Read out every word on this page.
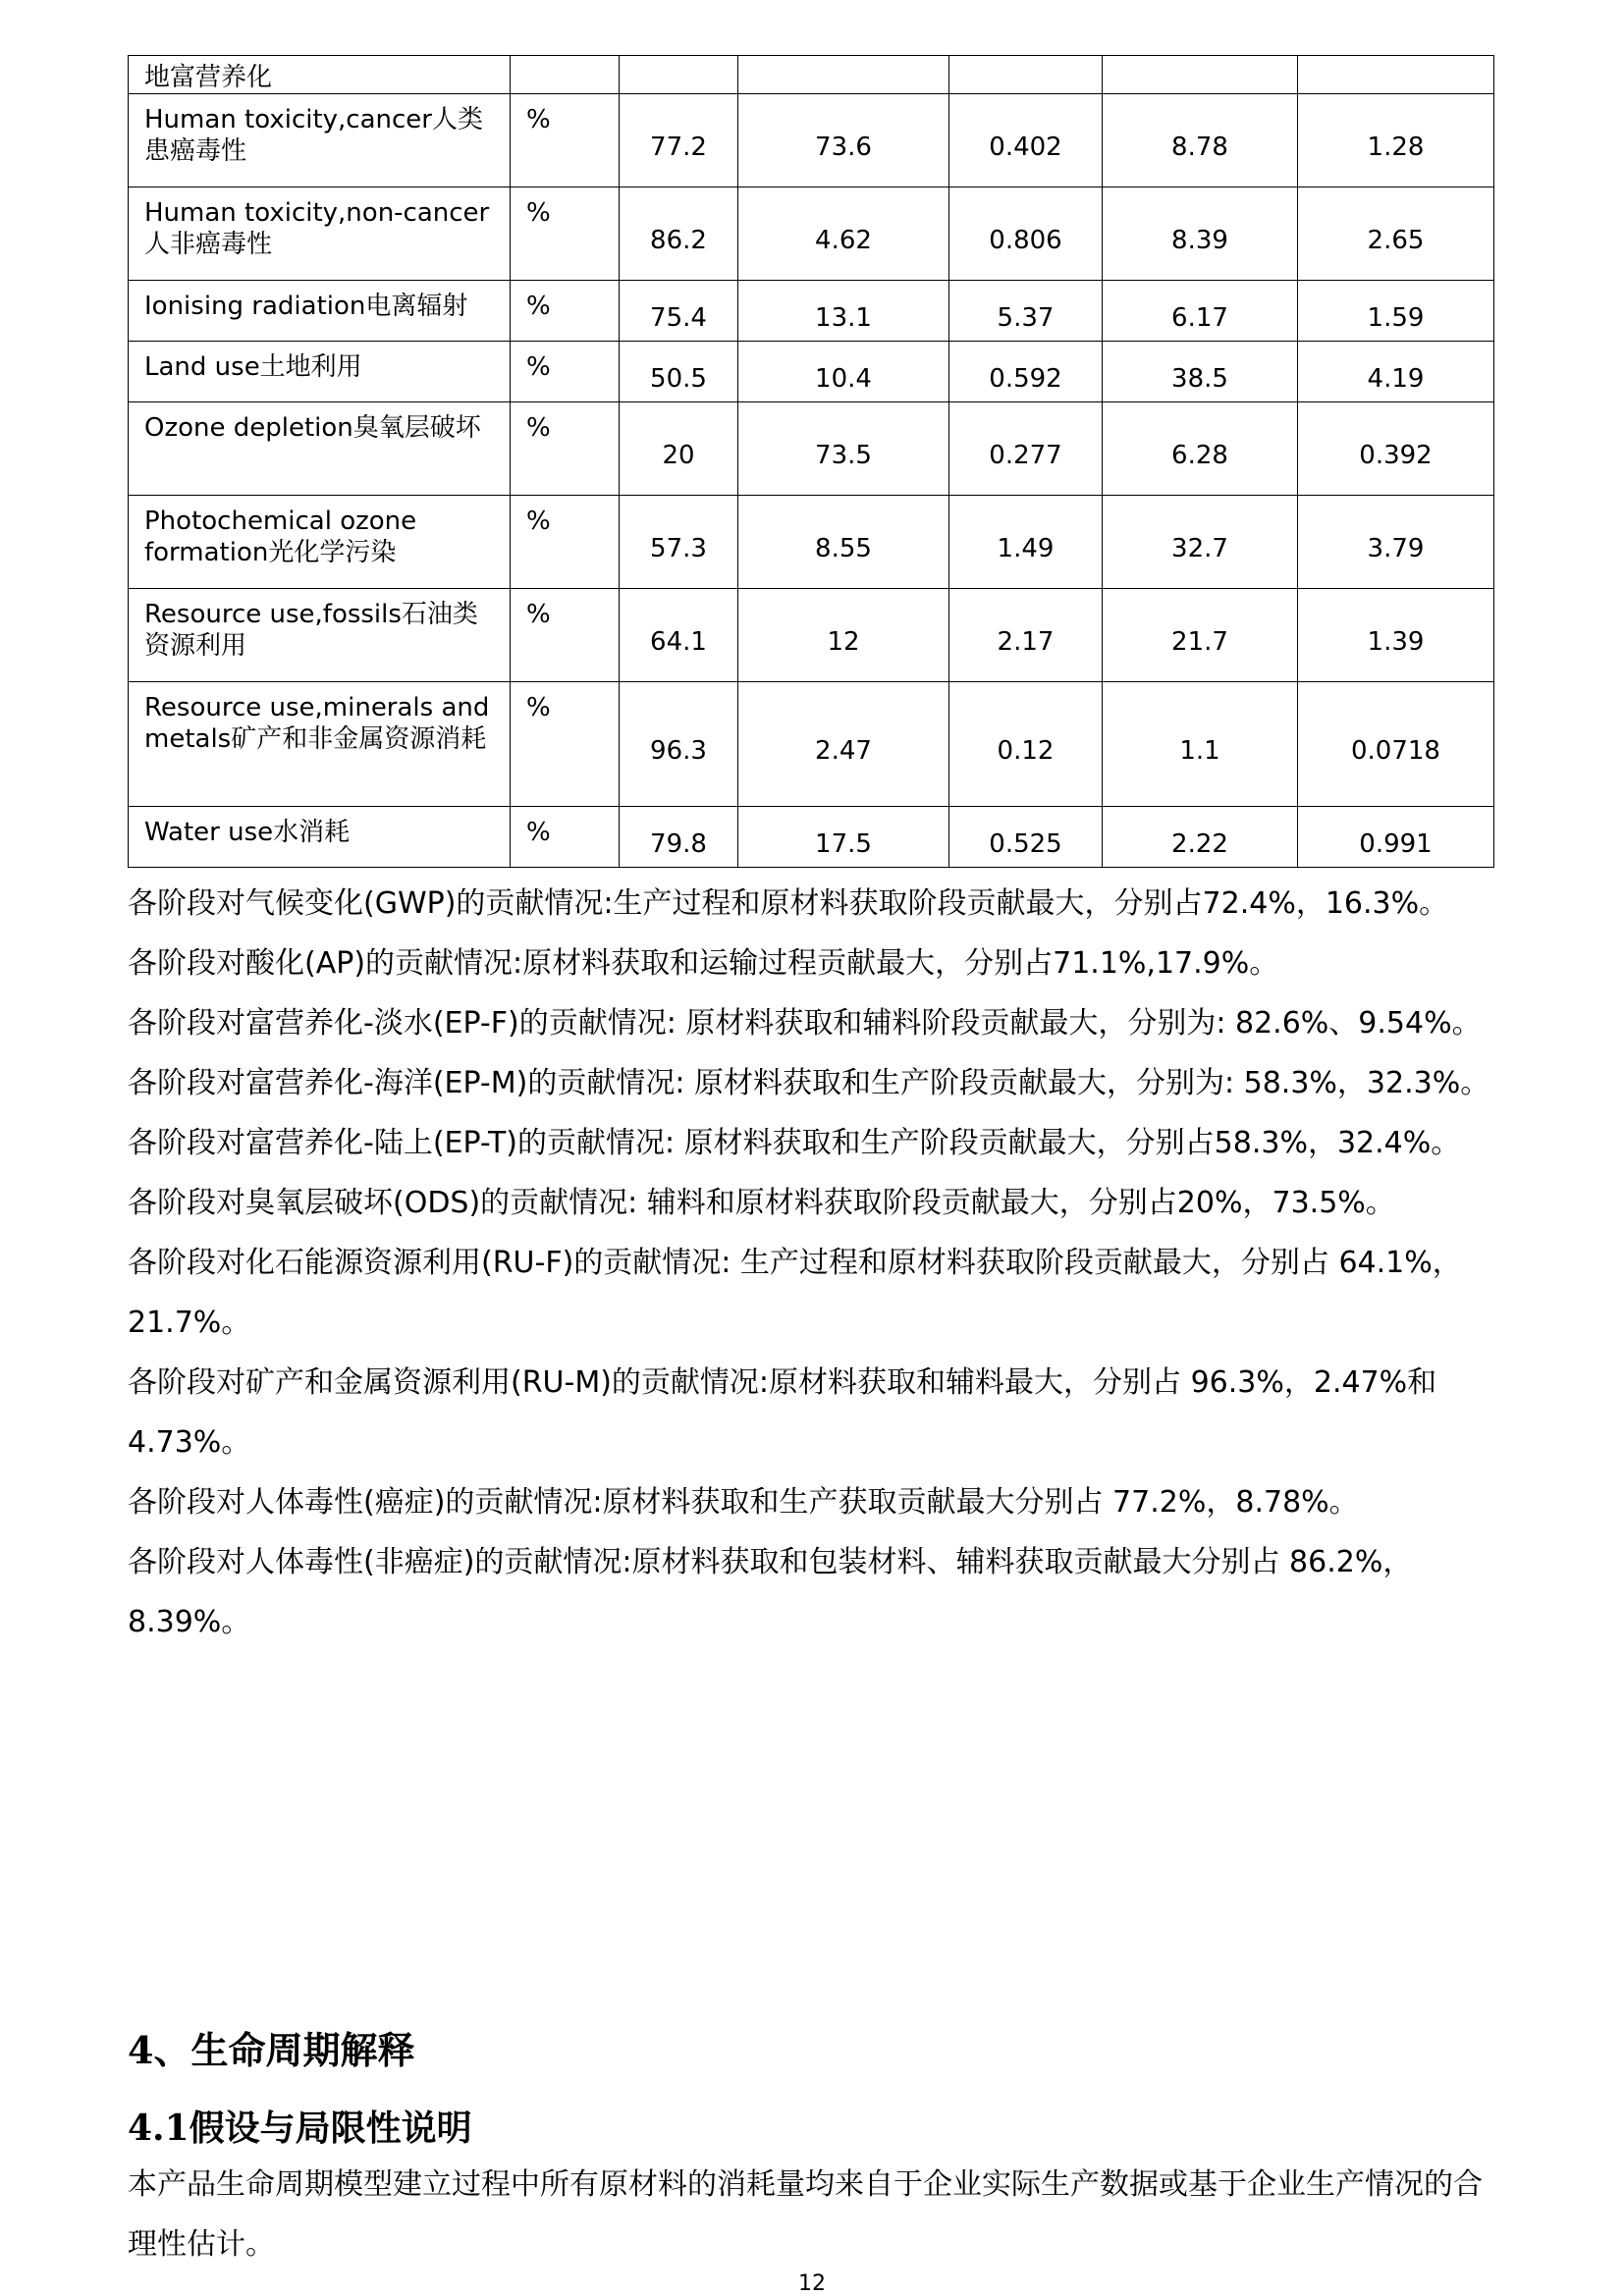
地富营养化						
Human toxicity,cancer人类患癌毒性	%	77.2	73.6	0.402	8.78	1.28
Human toxicity,non-cancer人非癌毒性	%	86.2	4.62	0.806	8.39	2.65
Ionising radiation电离辐射	%	75.4	13.1	5.37	6.17	1.59
Land use土地利用	%	50.5	10.4	0.592	38.5	4.19
Ozone depletion臭氧层破坏	%	20	73.5	0.277	6.28	0.392
Photochemical ozone formation光化学污染	%	57.3	8.55	1.49	32.7	3.79
Resource use,fossils石油类资源利用	%	64.1	12	2.17	21.7	1.39
Resource use,minerals and metals矿产和非金属资源消耗	%	96.3	2.47	0.12	1.1	0.0718
Water use水消耗	%	79.8	17.5	0.525	2.22	0.991

各阶段对气候变化(GWP)的贡献情况:生产过程和原材料获取阶段贡献最大，分别占72.4%，16.3%。

各阶段对酸化(AP)的贡献情况:原材料获取和运输过程贡献最大，分别占71.1%,17.9%。

各阶段对富营养化-淡水(EP-F)的贡献情况: 原材料获取和辅料阶段贡献最大，分别为: 82.6%、9.54%。

各阶段对富营养化-海洋(EP-M)的贡献情况: 原材料获取和生产阶段贡献最大，分别为: 58.3%，32.3%。

各阶段对富营养化-陆上(EP-T)的贡献情况: 原材料获取和生产阶段贡献最大，分别占58.3%，32.4%。

各阶段对臭氧层破坏(ODS)的贡献情况: 辅料和原材料获取阶段贡献最大，分别占20%，73.5%。

各阶段对化石能源资源利用(RU-F)的贡献情况: 生产过程和原材料获取阶段贡献最大，分别占 64.1%，21.7%。

各阶段对矿产和金属资源利用(RU-M)的贡献情况:原材料获取和辅料最大，分别占 96.3%，2.47%和 4.73%。

各阶段对人体毒性(癌症)的贡献情况:原材料获取和生产获取贡献最大分别占 77.2%，8.78%。

各阶段对人体毒性(非癌症)的贡献情况:原材料获取和包装材料、辅料获取贡献最大分别占 86.2%，8.39%。

4、生命周期解释
4.1假设与局限性说明

本产品生命周期模型建立过程中所有原材料的消耗量均来自于企业实际生产数据或基于企业生产情况的合理性估计。

12
